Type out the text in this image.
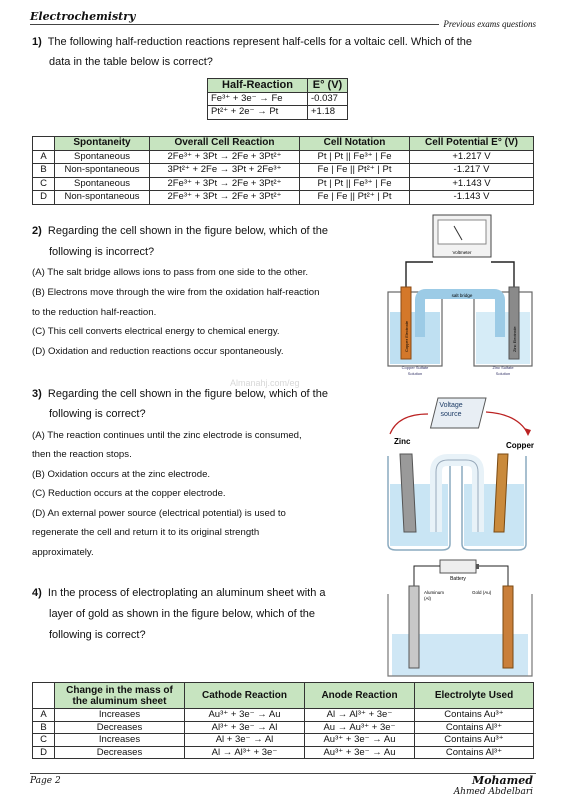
Electrochemistry
Previous exams questions
1) The following half-reduction reactions represent half-cells for a voltaic cell. Which of the
data in the table below is correct?
Half-Reaction	E° (V)
Fe³⁺ + 3e⁻ → Fe	-0.037
Pt²⁺ + 2e⁻ → Pt	+1.18
	Spontaneity	Overall Cell Reaction	Cell Notation	Cell Potential E° (V)
A	Spontaneous	2Fe³⁺ + 3Pt → 2Fe + 3Pt²⁺	Pt | Pt || Fe³⁺ | Fe	+1.217 V
B	Non-spontaneous	3Pt²⁺ + 2Fe → 3Pt + 2Fe³⁺	Fe | Fe || Pt²⁺ | Pt	-1.217 V
C	Spontaneous	2Fe³⁺ + 3Pt → 2Fe + 3Pt²⁺	Pt | Pt || Fe³⁺ | Fe	+1.143 V
D	Non-spontaneous	2Fe³⁺ + 3Pt → 2Fe + 3Pt²⁺	Fe | Fe || Pt²⁺ | Pt	-1.143 V
2) Regarding the cell shown in the figure below, which of the
following is incorrect?
(A) The salt bridge allows ions to pass from one side to the other.
(B) Electrons move through the wire from the oxidation half-reaction
to the reduction half-reaction.
(C) This cell converts electrical energy to chemical energy.
(D) Oxidation and reduction reactions occur spontaneously.
Voltmeter
salt bridge
Copper Electrode	Zinc Electrode
Copper Sulfate
Solution
Zinc Sulfate
Solution
Almanahj.com/eg
3) Regarding the cell shown in the figure below, which of the
following is correct?
(A) The reaction continues until the zinc electrode is consumed,
then the reaction stops.
(B) Oxidation occurs at the zinc electrode.
(C) Reduction occurs at the copper electrode.
(D) An external power source (electrical potential) is used to
regenerate the cell and return it to its original strength
approximately.
Voltage
source
Zinc	Copper
4) In the process of electroplating an aluminum sheet with a
layer of gold as shown in the figure below, which of the
following is correct?
Battery
Aluminum
(Al)
Gold (Au)
	Change in the mass of the aluminum sheet	Cathode Reaction	Anode Reaction	Electrolyte Used
A	Increases	Au³⁺ + 3e⁻ → Au	Al → Al³⁺ + 3e⁻	Contains Au³⁺
B	Decreases	Al³⁺ + 3e⁻ → Al	Au → Au³⁺ + 3e⁻	Contains Al³⁺
C	Increases	Al + 3e⁻ → Al	Au³⁺ + 3e⁻ → Au	Contains Au³⁺
D	Decreases	Al → Al³⁺ + 3e⁻	Au³⁺ + 3e⁻ → Au	Contains Al³⁺
Page 2	Mohamed
Ahmed Abdelbari
